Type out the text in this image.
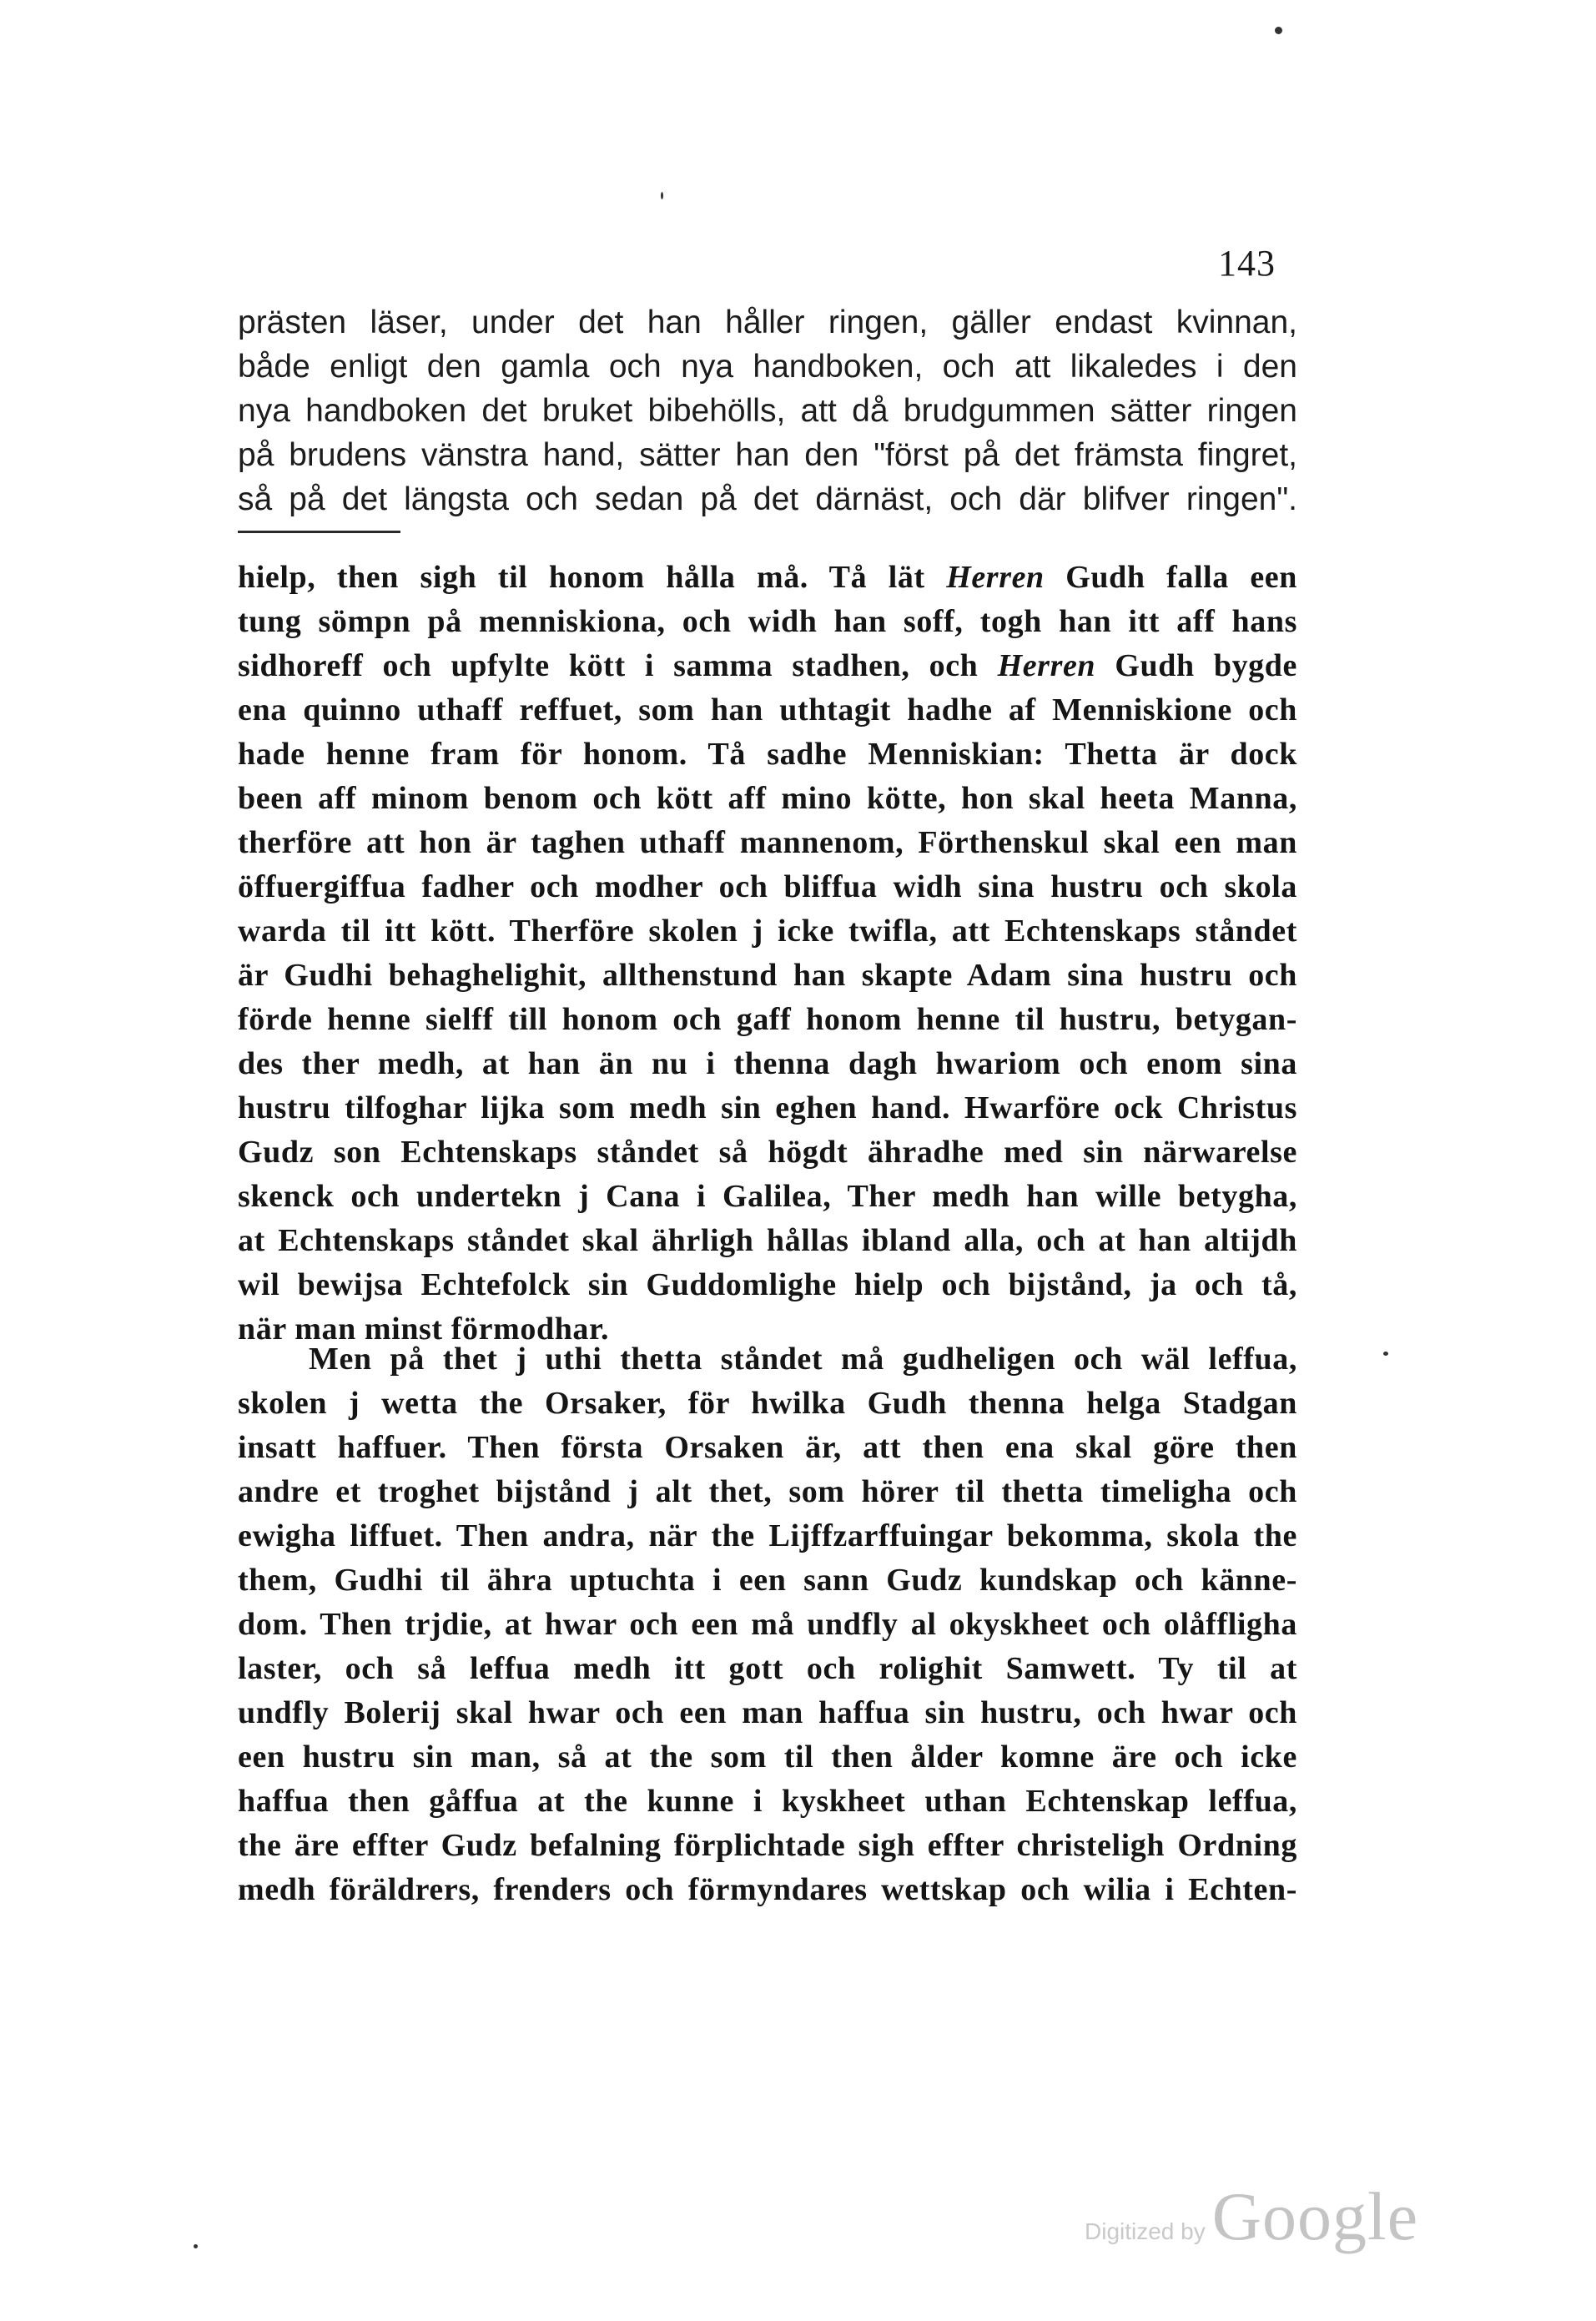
143
prästen läser, under det han håller ringen, gäller endast kvinnan,
både enligt den gamla och nya handboken, och att likaledes i den
nya handboken det bruket bibehölls, att då brudgummen sätter ringen
på brudens vänstra hand, sätter han den "först på det främsta fingret,
så på det längsta och sedan på det därnäst, och där blifver ringen".
hielp, then sigh til honom hålla må. Tå lät Herren Gudh falla een
tung sömpn på menniskiona, och widh han soff, togh han itt aff hans
sidhoreff och upfylte kött i samma stadhen, och Herren Gudh bygde
ena quinno uthaff reffuet, som han uthtagit hadhe af Menniskione och
hade henne fram för honom. Tå sadhe Menniskian: Thetta är dock
been aff minom benom och kött aff mino kötte, hon skal heeta Manna,
therföre att hon är taghen uthaff mannenom, Förthenskul skal een man
öffuergiffua fadher och modher och bliffua widh sina hustru och skola
warda til itt kött. Therföre skolen j icke twifla, att Echtenskaps ståndet
är Gudhi behaghelighit, allthenstund han skapte Adam sina hustru och
förde henne sielff till honom och gaff honom henne til hustru, betygan-
des ther medh, at han än nu i thenna dagh hwariom och enom sina
hustru tilfoghar lijka som medh sin eghen hand. Hwarföre ock Christus
Gudz son Echtenskaps ståndet så högdt ähradhe med sin närwarelse
skenck och undertekn j Cana i Galilea, Ther medh han wille betygha,
at Echtenskaps ståndet skal ährligh hållas ibland alla, och at han altijdh
wil bewijsa Echtefolck sin Guddomlighe hielp och bijstånd, ja och tå,
när man minst förmodhar.
Men på thet j uthi thetta ståndet må gudheligen och wäl leffua,
skolen j wetta the Orsaker, för hwilka Gudh thenna helga Stadgan
insatt haffuer. Then första Orsaken är, att then ena skal göre then
andre et troghet bijstånd j alt thet, som hörer til thetta timeligha och
ewigha liffuet. Then andra, när the Lijffzarffuingar bekomma, skola the
them, Gudhi til ähra uptuchta i een sann Gudz kundskap och känne-
dom. Then trjdie, at hwar och een må undfly al okyskheet och olåffligha
laster, och så leffua medh itt gott och rolighit Samwett. Ty til at
undfly Bolerij skal hwar och een man haffua sin hustru, och hwar och
een hustru sin man, så at the som til then ålder komne äre och icke
haffua then gåffua at the kunne i kyskheet uthan Echtenskap leffua,
the äre effter Gudz befalning förplichtade sigh effter christeligh Ordning
medh föräldrers, frenders och förmyndares wettskap och wilia i Echten-
Digitized by Google
